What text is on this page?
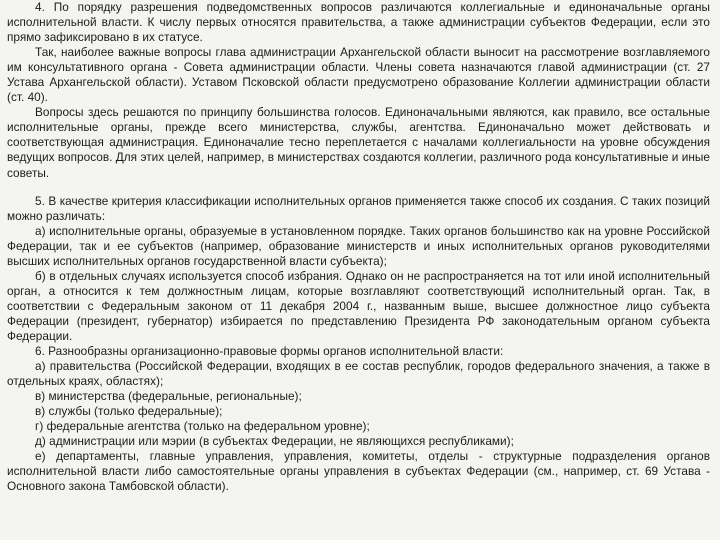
4. По порядку разрешения подведомственных вопросов различаются коллегиальные и единоначальные органы исполнительной власти. К числу первых относятся правительства, а также администрации субъектов Федерации, если это прямо зафиксировано в их статусе.

Так, наиболее важные вопросы глава администрации Архангельской области выносит на рассмотрение возглавляемого им консультативного органа - Совета администрации области. Члены совета назначаются главой администрации (ст. 27 Устава Архангельской области). Уставом Псковской области предусмотрено образование Коллегии администрации области (ст. 40).

Вопросы здесь решаются по принципу большинства голосов. Единоначальными являются, как правило, все остальные исполнительные органы, прежде всего министерства, службы, агентства. Единоначально может действовать и соответствующая администрация. Единоначалие тесно переплетается с началами коллегиальности на уровне обсуждения ведущих вопросов. Для этих целей, например, в министерствах создаются коллегии, различного рода консультативные и иные советы.

5. В качестве критерия классификации исполнительных органов применяется также способ их создания. С таких позиций можно различать:

а) исполнительные органы, образуемые в установленном порядке. Таких органов большинство как на уровне Российской Федерации, так и ее субъектов (например, образование министерств и иных исполнительных органов руководителями высших исполнительных органов государственной власти субъекта);

б) в отдельных случаях используется способ избрания. Однако он не распространяется на тот или иной исполнительный орган, а относится к тем должностным лицам, которые возглавляют соответствующий исполнительный орган. Так, в соответствии с Федеральным законом от 11 декабря 2004 г., названным выше, высшее должностное лицо субъекта Федерации (президент, губернатор) избирается по представлению Президента РФ законодательным органом субъекта Федерации.

6. Разнообразны организационно-правовые формы органов исполнительной власти:

а) правительства (Российской Федерации, входящих в ее состав республик, городов федерального значения, а также в отдельных краях, областях);

в) министерства (федеральные, региональные);

в) службы (только федеральные);

г) федеральные агентства (только на федеральном уровне);

д) администрации или мэрии (в субъектах Федерации, не являющихся республиками);

е) департаменты, главные управления, управления, комитеты, отделы - структурные подразделения органов исполнительной власти либо самостоятельные органы управления в субъектах Федерации (см., например, ст. 69 Устава - Основного закона Тамбовской области).
